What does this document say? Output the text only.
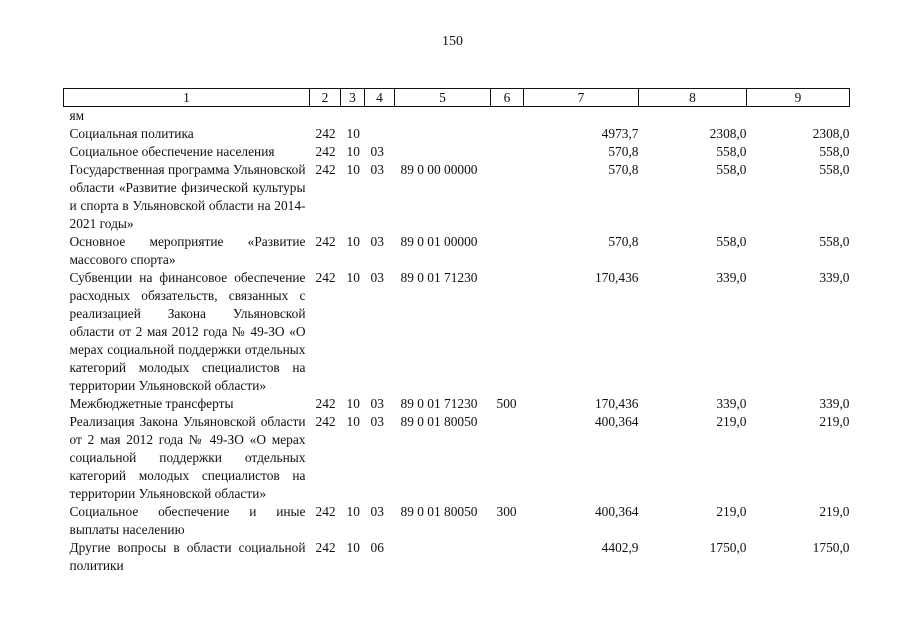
150
1	2	3	4	5	6	7	8	9
ям								
Социальная политика	242	10				4973,7	2308,0	2308,0
Социальное обеспечение населения	242	10	03			570,8	558,0	558,0
Государственная программа Ульяновской области «Развитие физической культуры и спорта в Ульяновской области на 2014-2021 годы»	242	10	03	89 0 00 00000		570,8	558,0	558,0
Основное мероприятие «Развитие массового спорта»	242	10	03	89 0 01 00000		570,8	558,0	558,0
Субвенции на финансовое обеспечение расходных обязательств, связанных с реализацией Закона Ульяновской области от 2 мая 2012 года № 49-ЗО «О мерах социальной поддержки отдельных категорий молодых специалистов на территории Ульяновской области»	242	10	03	89 0 01 71230		170,436	339,0	339,0
Межбюджетные трансферты	242	10	03	89 0 01 71230	500	170,436	339,0	339,0
Реализация Закона Ульяновской области от 2 мая 2012 года № 49-ЗО «О мерах социальной поддержки отдельных категорий молодых специалистов на территории Ульяновской области»	242	10	03	89 0 01 80050		400,364	219,0	219,0
Социальное обеспечение и иные выплаты населению	242	10	03	89 0 01 80050	300	400,364	219,0	219,0
Другие вопросы в области социальной политики	242	10	06			4402,9	1750,0	1750,0
